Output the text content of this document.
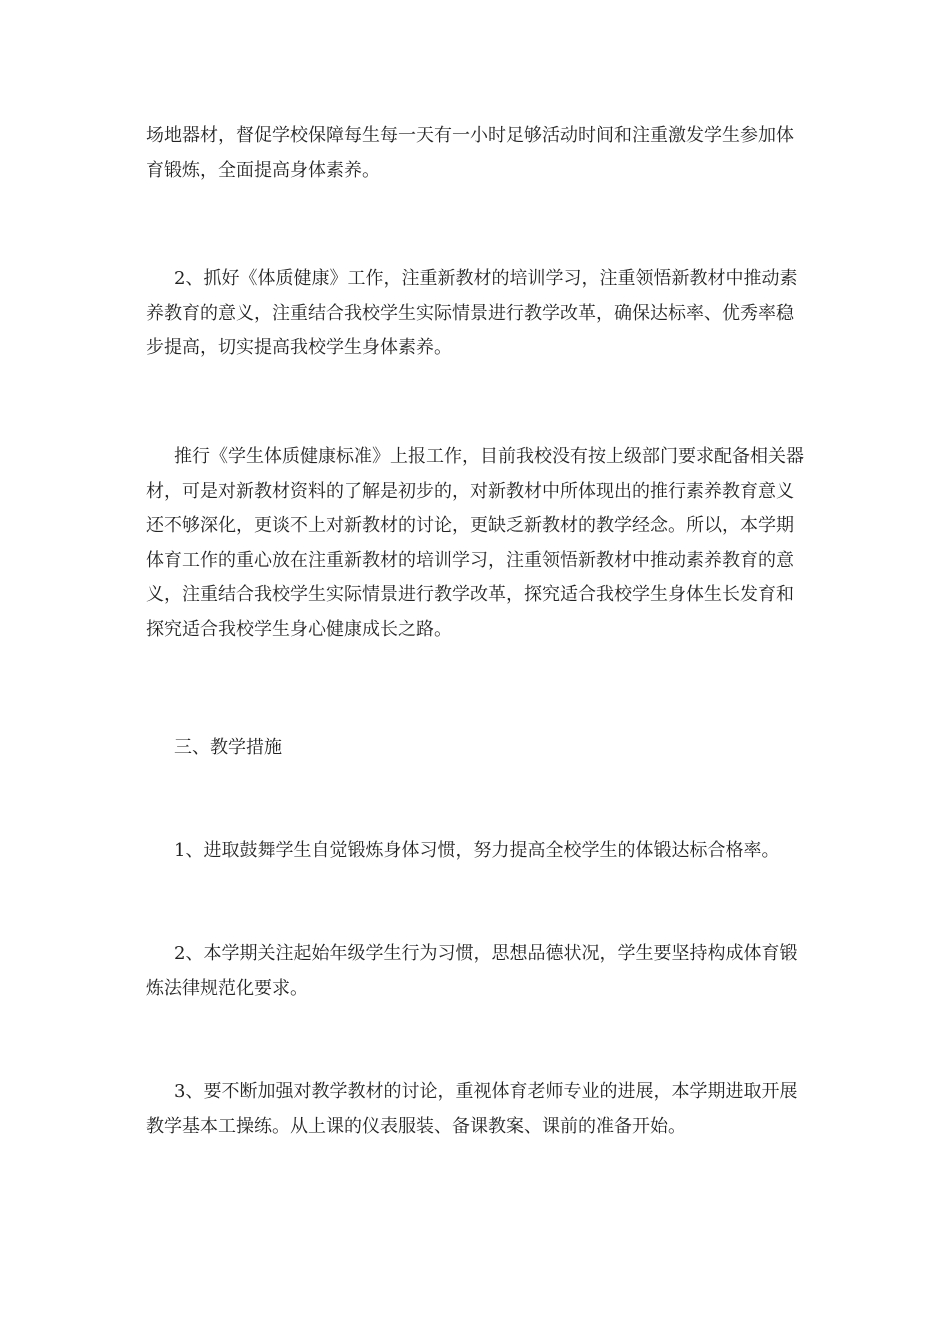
场地器材，督促学校保障每生每一天有一小时足够活动时间和注重激发学生参加体育锻炼，全面提高身体素养。

2、抓好《体质健康》工作，注重新教材的培训学习，注重领悟新教材中推动素养教育的意义，注重结合我校学生实际情景进行教学改革，确保达标率、优秀率稳步提高，切实提高我校学生身体素养。

推行《学生体质健康标准》上报工作，目前我校没有按上级部门要求配备相关器材，可是对新教材资料的了解是初步的，对新教材中所体现出的推行素养教育意义还不够深化，更谈不上对新教材的讨论，更缺乏新教材的教学经念。所以，本学期体育工作的重心放在注重新教材的培训学习，注重领悟新教材中推动素养教育的意义，注重结合我校学生实际情景进行教学改革，探究适合我校学生身体生长发育和探究适合我校学生身心健康成长之路。

三、教学措施

1、进取鼓舞学生自觉锻炼身体习惯，努力提高全校学生的体锻达标合格率。

2、本学期关注起始年级学生行为习惯，思想品德状况，学生要坚持构成体育锻炼法律规范化要求。

3、要不断加强对教学教材的讨论，重视体育老师专业的进展，本学期进取开展教学基本工操练。从上课的仪表服装、备课教案、课前的准备开始。
